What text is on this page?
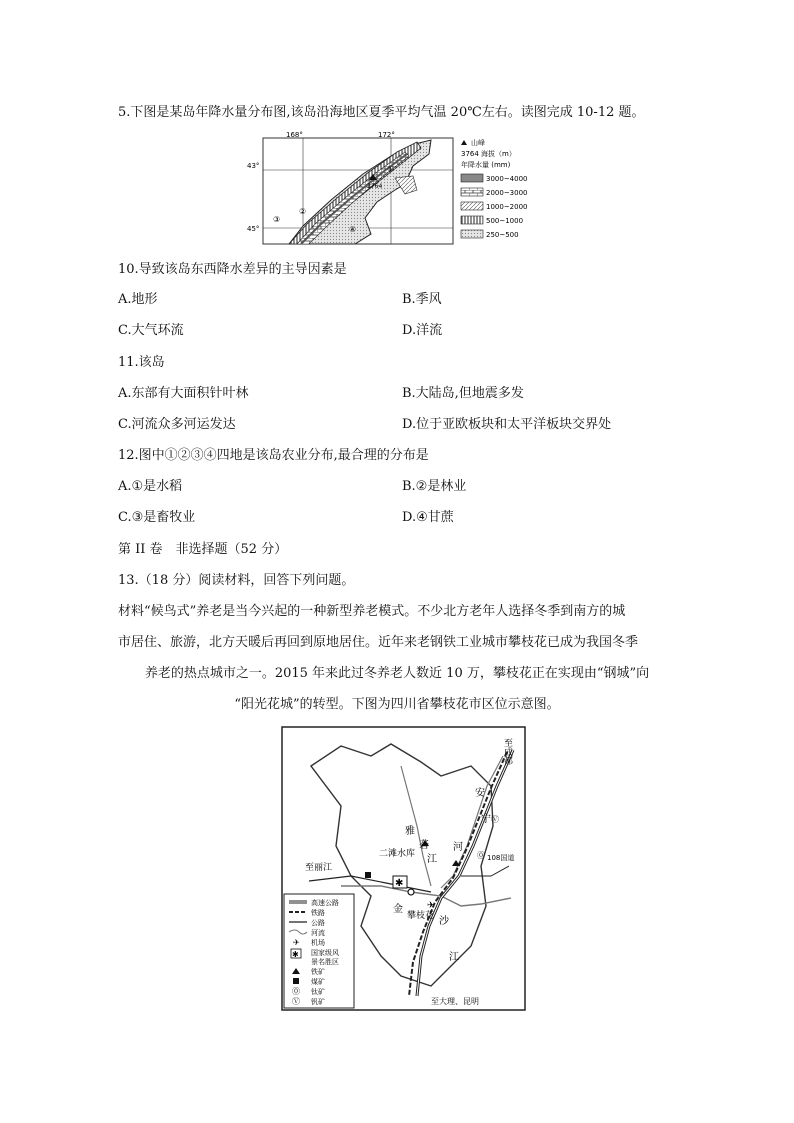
5.下图是某岛年降水量分布图,该岛沿海地区夏季平均气温 20℃左右。读图完成 10-12 题。
168°	172°
43°
45°
3764
①
②
③
④
山峰
3764 海拔（m）
年降水量 (mm)
3000~4000
2000~3000
1000~2000
500~1000
250~500
10.导致该岛东西降水差异的主导因素是
A.地形	B.季风
C.大气环流	D.洋流
11.该岛
A.东部有大面积针叶林	B.大陆岛,但地震多发
C.河流众多河运发达	D.位于亚欧板块和太平洋板块交界处
12.图中①②③④四地是该岛农业分布,最合理的分布是
A.①是水稻	B.②是林业
C.③是畜牧业	D.④甘蔗
第 II 卷　非选择题（52 分）
13.（18 分）阅读材料，回答下列问题。
材料“候鸟式”养老是当今兴起的一种新型养老模式。不少北方老年人选择冬季到南方的城
市居住、旅游，北方天暖后再回到原地居住。近年来老钢铁工业城市攀枝花已成为我国冬季
养老的热点城市之一。2015 年来此过冬养老人数近 10 万，攀枝花正在实现由“钢城”向
“阳光花城”的转型。下图为四川省攀枝花市区位示意图。
✱
✈
⓪
Ⓥ
至成都
安
宁
河
雅
砻
江
二滩水库	108国道
至丽江
金
攀枝花 沙
江
至大理、昆明
高速公路
铁路
公路
河流
✈ 机场
✱ 国家级风
景名胜区
铁矿
煤矿
⓪ 钛矿
Ⓥ 钒矿
